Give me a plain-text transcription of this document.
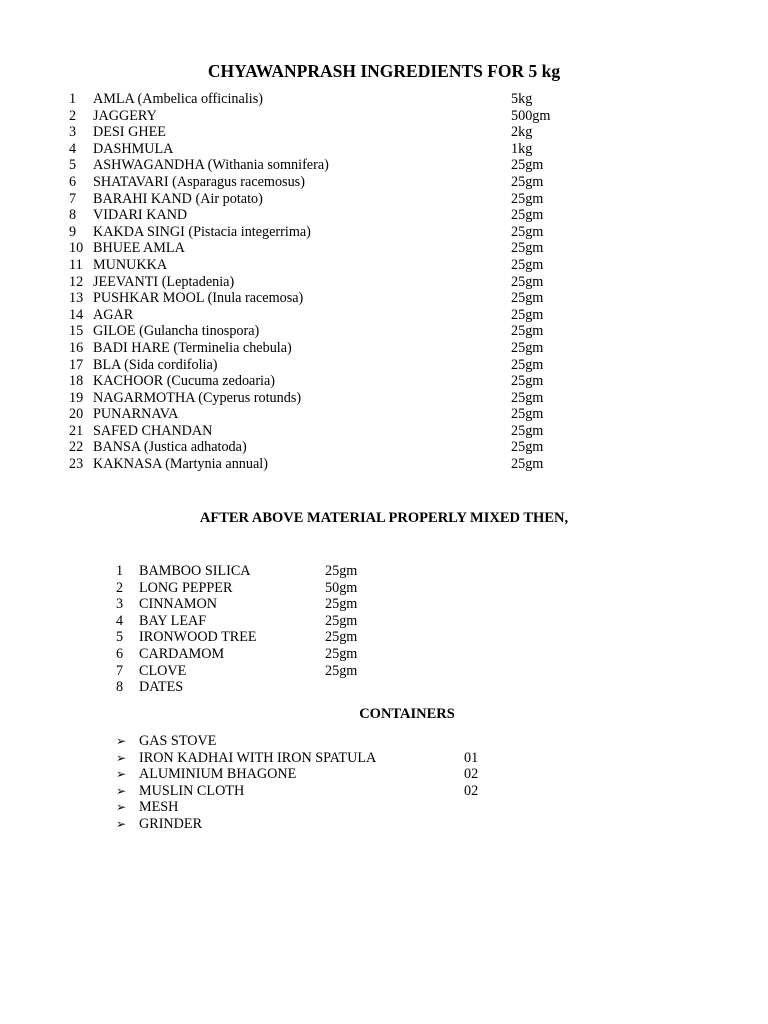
CHYAWANPRASH INGREDIENTS FOR 5 kg
1 AMLA (Ambelica officinalis)	5kg
2 JAGGERY	500gm
3 DESI GHEE	2kg
4 DASHMULA	1kg
5 ASHWAGANDHA (Withania somnifera)	25gm
6 SHATAVARI (Asparagus racemosus)	25gm
7 BARAHI KAND (Air potato)	25gm
8 VIDARI KAND	25gm
9 KAKDA SINGI (Pistacia integerrima)	25gm
10 BHUEE AMLA	25gm
11 MUNUKKA	25gm
12 JEEVANTI (Leptadenia)	25gm
13 PUSHKAR MOOL (Inula racemosa)	25gm
14 AGAR	25gm
15 GILOE (Gulancha tinospora)	25gm
16 BADI HARE (Terminelia chebula)	25gm
17 BLA (Sida cordifolia)	25gm
18 KACHOOR (Cucuma zedoaria)	25gm
19 NAGARMOTHA (Cyperus rotunds)	25gm
20 PUNARNAVA	25gm
21 SAFED CHANDAN	25gm
22 BANSA (Justica adhatoda)	25gm
23 KAKNASA (Martynia annual)	25gm
AFTER ABOVE MATERIAL PROPERLY MIXED THEN,
1 BAMBOO SILICA	25gm
2 LONG PEPPER	50gm
3 CINNAMON	25gm
4 BAY LEAF	25gm
5 IRONWOOD TREE	25gm
6 CARDAMOM	25gm
7 CLOVE	25gm
8 DATES
CONTAINERS
➢ GAS STOVE
➢ IRON KADHAI WITH IRON SPATULA	01
➢ ALUMINIUM BHAGONE	02
➢ MUSLIN CLOTH	02
➢ MESH
➢ GRINDER
